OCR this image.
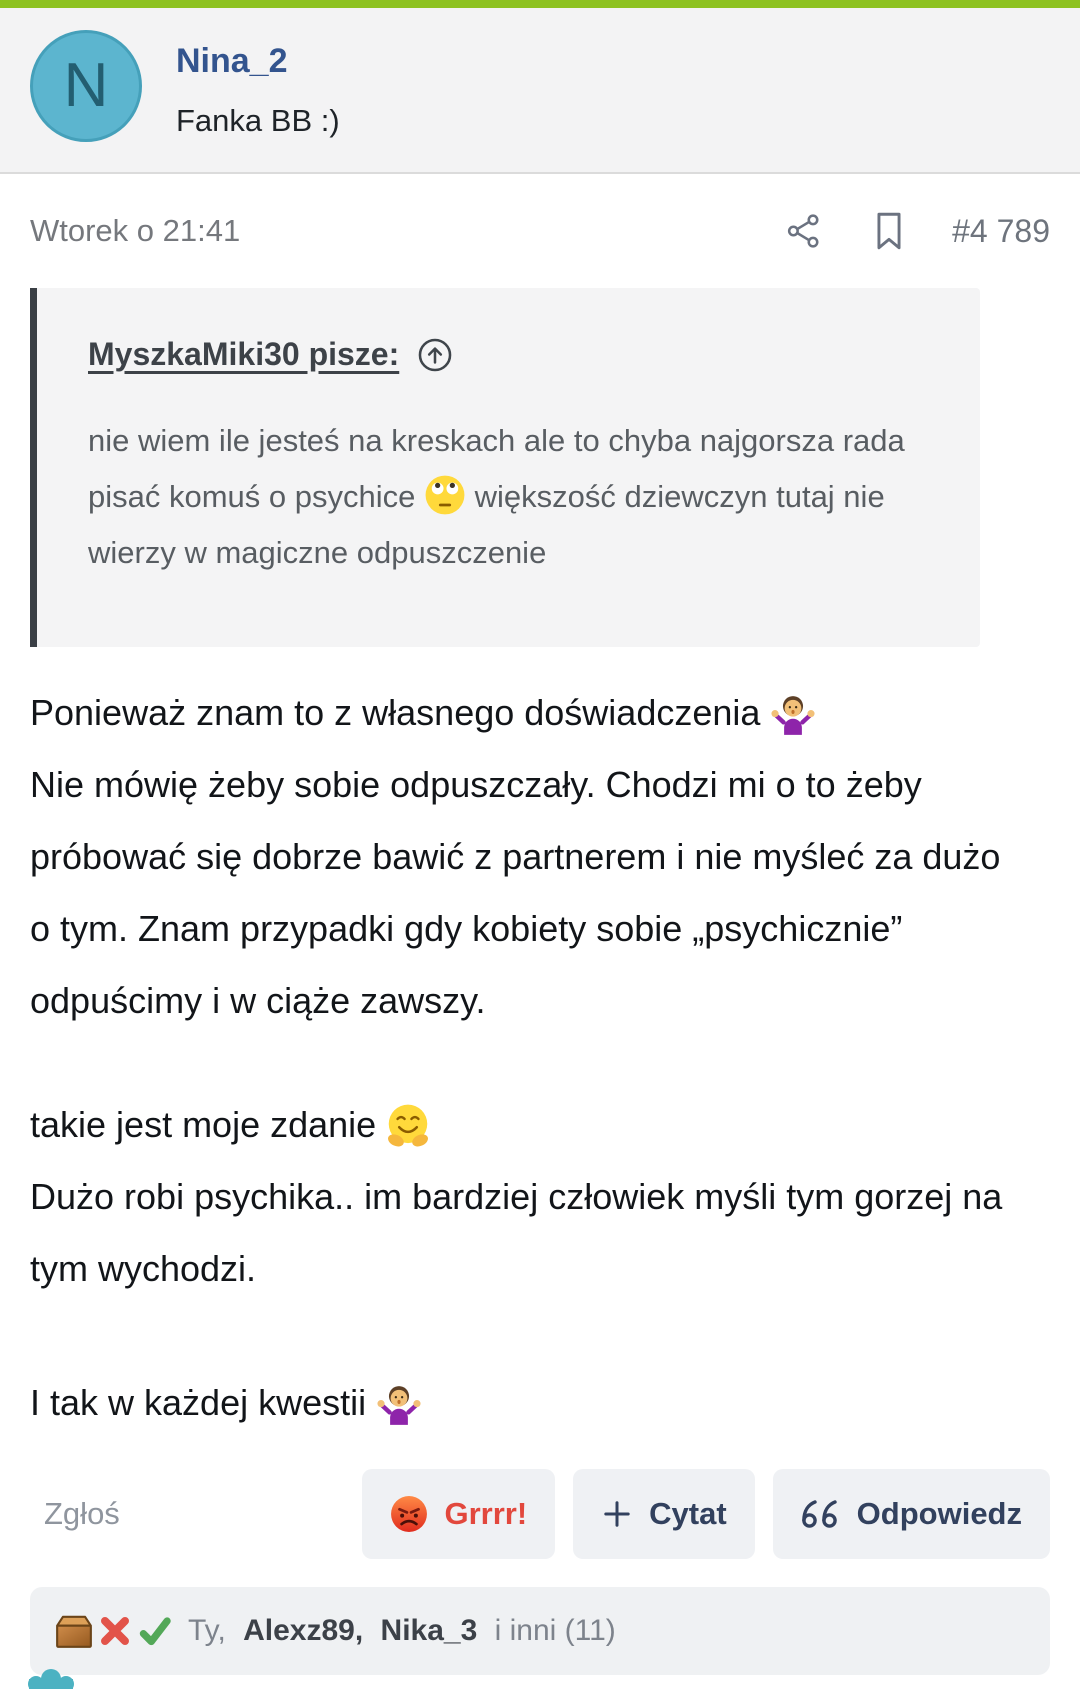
N Nina_2
Fanka BB :)
Wtorek o 21:41	#4 789
MyszkaMiki30 pisze:
nie wiem ile jesteś na kreskach ale to chyba najgorsza rada pisać komuś o psychice większość dziewczyn tutaj nie wierzy w magiczne odpuszczenie

Ponieważ znam to z własnego doświadczenia

Nie mówię żeby sobie odpuszczały. Chodzi mi o to żeby próbować się dobrze bawić z partnerem i nie myśleć za dużo o tym. Znam przypadki gdy kobiety sobie „psychicznie” odpuścimy i w ciąże zawszy.

takie jest moje zdanie

Dużo robi psychika.. im bardziej człowiek myśli tym gorzej na tym wychodzi.

I tak w każdej kwestii

Zgłoś	Grrrr!	Cytat	Odpowiedz
Ty, Alexz89, Nika_3 i inni (11)
